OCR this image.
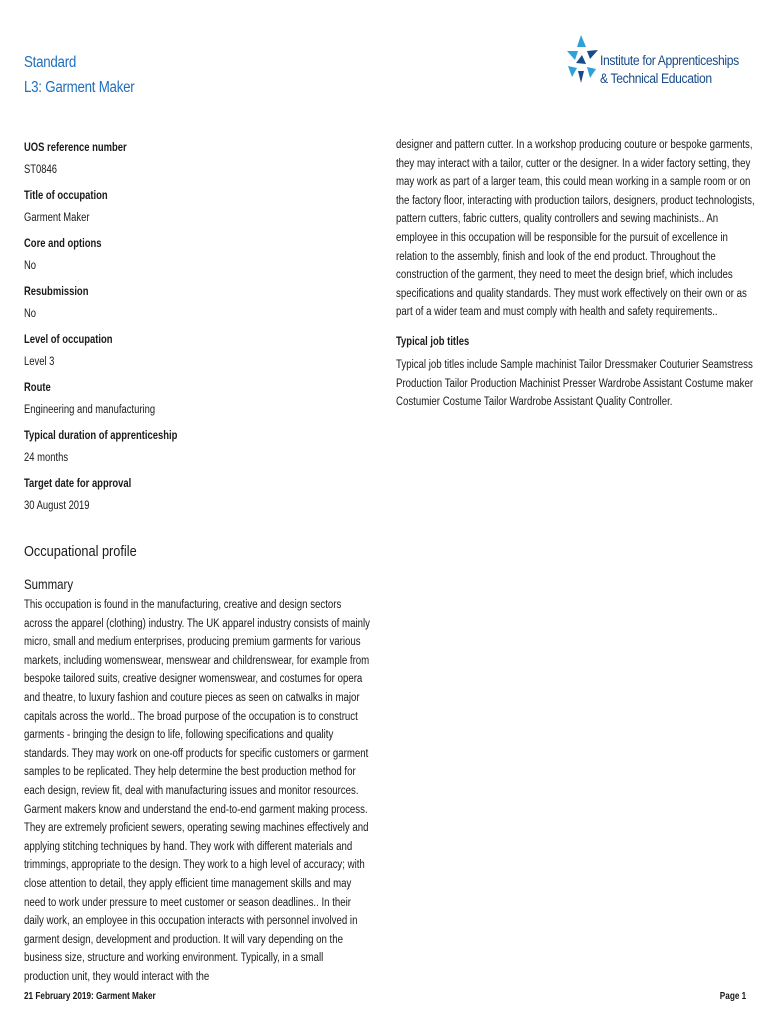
Standard
L3: Garment Maker
Institute for Apprenticeships
& Technical Education
UOS reference number
ST0846
Title of occupation
Garment Maker
Core and options
No
Resubmission
No
Level of occupation
Level 3
Route
Engineering and manufacturing
Typical duration of apprenticeship
24 months
Target date for approval
30 August 2019
Occupational profile
Summary

This occupation is found in the manufacturing, creative and design sectors across the apparel (clothing) industry. The UK apparel industry consists of mainly micro, small and medium enterprises, producing premium garments for various markets, including womenswear, menswear and childrenswear, for example from bespoke tailored suits, creative designer womenswear, and costumes for opera and theatre, to luxury fashion and couture pieces as seen on catwalks in major capitals across the world.. The broad purpose of the occupation is to construct garments - bringing the design to life, following specifications and quality standards. They may work on one-off products for specific customers or garment samples to be replicated. They help determine the best production method for each design, review fit, deal with manufacturing issues and monitor resources. Garment makers know and understand the end-to-end garment making process. They are extremely proficient sewers, operating sewing machines effectively and applying stitching techniques by hand. They work with different materials and trimmings, appropriate to the design. They work to a high level of accuracy; with close attention to detail, they apply efficient time management skills and may need to work under pressure to meet customer or season deadlines.. In their daily work, an employee in this occupation interacts with personnel involved in garment design, development and production. It will vary depending on the business size, structure and working environment. Typically, in a small production unit, they would interact with the

designer and pattern cutter. In a workshop producing couture or bespoke garments, they may interact with a tailor, cutter or the designer. In a wider factory setting, they may work as part of a larger team, this could mean working in a sample room or on the factory floor, interacting with production tailors, designers, product technologists, pattern cutters, fabric cutters, quality controllers and sewing machinists.. An employee in this occupation will be responsible for the pursuit of excellence in relation to the assembly, finish and look of the end product. Throughout the construction of the garment, they need to meet the design brief, which includes specifications and quality standards. They must work effectively on their own or as part of a wider team and must comply with health and safety requirements..

Typical job titles

Typical job titles include Sample machinist Tailor Dressmaker Couturier Seamstress Production Tailor Production Machinist Presser Wardrobe Assistant Costume maker Costumier Costume Tailor Wardrobe Assistant Quality Controller.

21 February 2019: Garment Maker	Page 1
